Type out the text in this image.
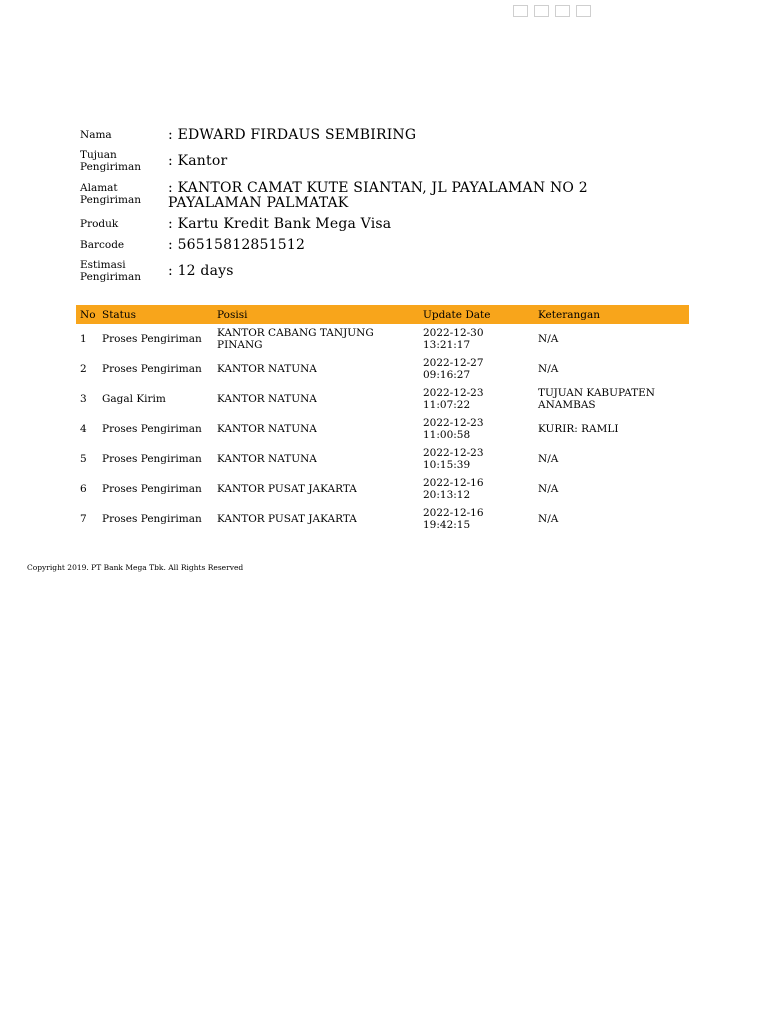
Nama	: EDWARD FIRDAUS SEMBIRING
Tujuan
Pengiriman : Kantor
Alamat
Pengiriman
: KANTOR CAMAT KUTE SIANTAN, JL PAYALAMAN NO 2
PAYALAMAN PALMATAK
Produk	: Kartu Kredit Bank Mega Visa
Barcode	: 56515812851512
Estimasi
Pengiriman : 12 days
No	Status	Posisi	Update Date	Keterangan
1	Proses Pengiriman	KANTOR CABANG TANJUNG PINANG	2022-12-30 13:21:17	N/A
2	Proses Pengiriman	KANTOR NATUNA	2022-12-27 09:16:27	N/A
3	Gagal Kirim	KANTOR NATUNA	2022-12-23 11:07:22	TUJUAN KABUPATEN ANAMBAS
4	Proses Pengiriman	KANTOR NATUNA	2022-12-23 11:00:58	KURIR: RAMLI
5	Proses Pengiriman	KANTOR NATUNA	2022-12-23 10:15:39	N/A
6	Proses Pengiriman	KANTOR PUSAT JAKARTA	2022-12-16 20:13:12	N/A
7	Proses Pengiriman	KANTOR PUSAT JAKARTA	2022-12-16 19:42:15	N/A
Copyright 2019. PT Bank Mega Tbk. All Rights Reserved
